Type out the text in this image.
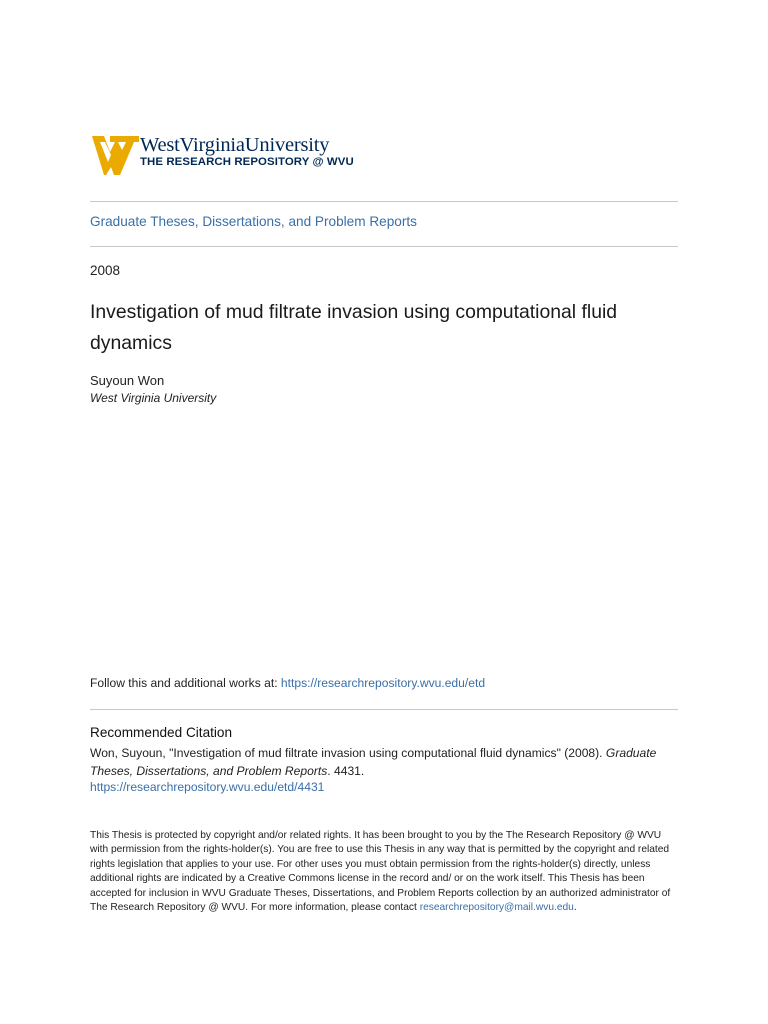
WestVirginiaUniversity
THE RESEARCH REPOSITORY @ WVU
Graduate Theses, Dissertations, and Problem Reports
2008
Investigation of mud filtrate invasion using computational fluid dynamics
Suyoun Won
West Virginia University
Follow this and additional works at: https://researchrepository.wvu.edu/etd
Recommended Citation
Won, Suyoun, "Investigation of mud filtrate invasion using computational fluid dynamics" (2008). Graduate Theses, Dissertations, and Problem Reports. 4431.
https://researchrepository.wvu.edu/etd/4431
This Thesis is protected by copyright and/or related rights. It has been brought to you by the The Research Repository @ WVU with permission from the rights-holder(s). You are free to use this Thesis in any way that is permitted by the copyright and related rights legislation that applies to your use. For other uses you must obtain permission from the rights-holder(s) directly, unless additional rights are indicated by a Creative Commons license in the record and/ or on the work itself. This Thesis has been accepted for inclusion in WVU Graduate Theses, Dissertations, and Problem Reports collection by an authorized administrator of The Research Repository @ WVU. For more information, please contact researchrepository@mail.wvu.edu.
